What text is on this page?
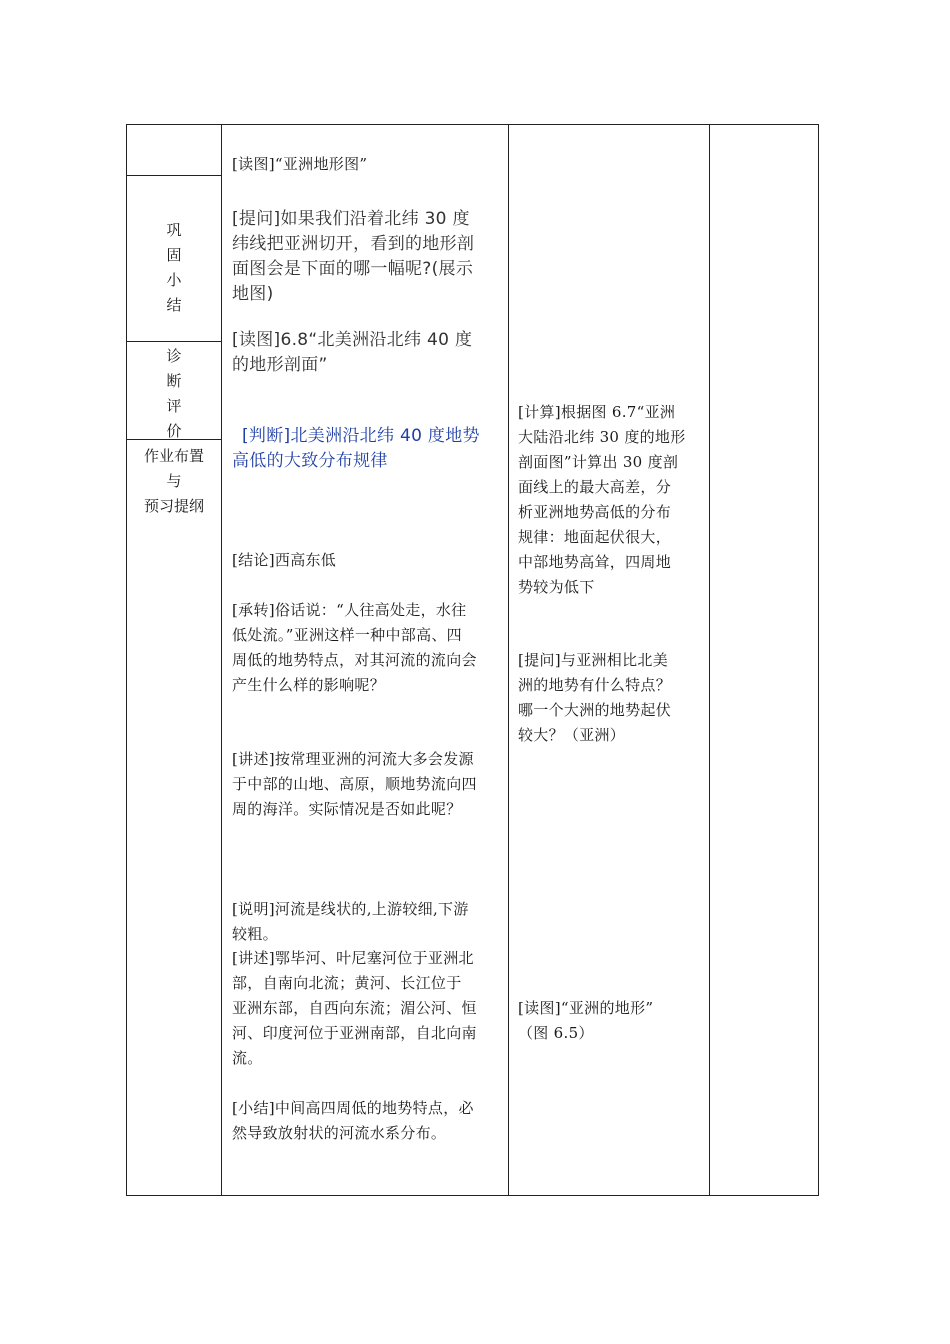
巩
固
小
结
诊
断
评
价
作业布置
与
预习提纲
[读图]“亚洲地形图”
[提问]如果我们沿着北纬 30 度
纬线把亚洲切开，看到的地形剖
面图会是下面的哪一幅呢?(展示
地图)
[读图]6.8“北美洲沿北纬 40 度
的地形剖面”
[判断]北美洲沿北纬 40 度地势
高低的大致分布规律
[结论]西高东低
[承转]俗话说：“人往高处走，水往
低处流。”亚洲这样一种中部高、四
周低的地势特点，对其河流的流向会
产生什么样的影响呢？
[讲述]按常理亚洲的河流大多会发源
于中部的山地、高原，顺地势流向四
周的海洋。实际情况是否如此呢？
[说明]河流是线状的,上游较细,下游
较粗。
[讲述]鄂毕河、叶尼塞河位于亚洲北
部，自南向北流；黄河、长江位于
亚洲东部，自西向东流；湄公河、恒
河、印度河位于亚洲南部，自北向南
流。
[小结]中间高四周低的地势特点，必
然导致放射状的河流水系分布。
[计算]根据图 6.7“亚洲
大陆沿北纬 30 度的地形
剖面图”计算出 30 度剖
面线上的最大高差，分
析亚洲地势高低的分布
规律：地面起伏很大，
中部地势高耸，四周地
势较为低下
[提问]与亚洲相比北美
洲的地势有什么特点？
哪一个大洲的地势起伏
较大？（亚洲）
[读图]“亚洲的地形”
（图 6.5）
